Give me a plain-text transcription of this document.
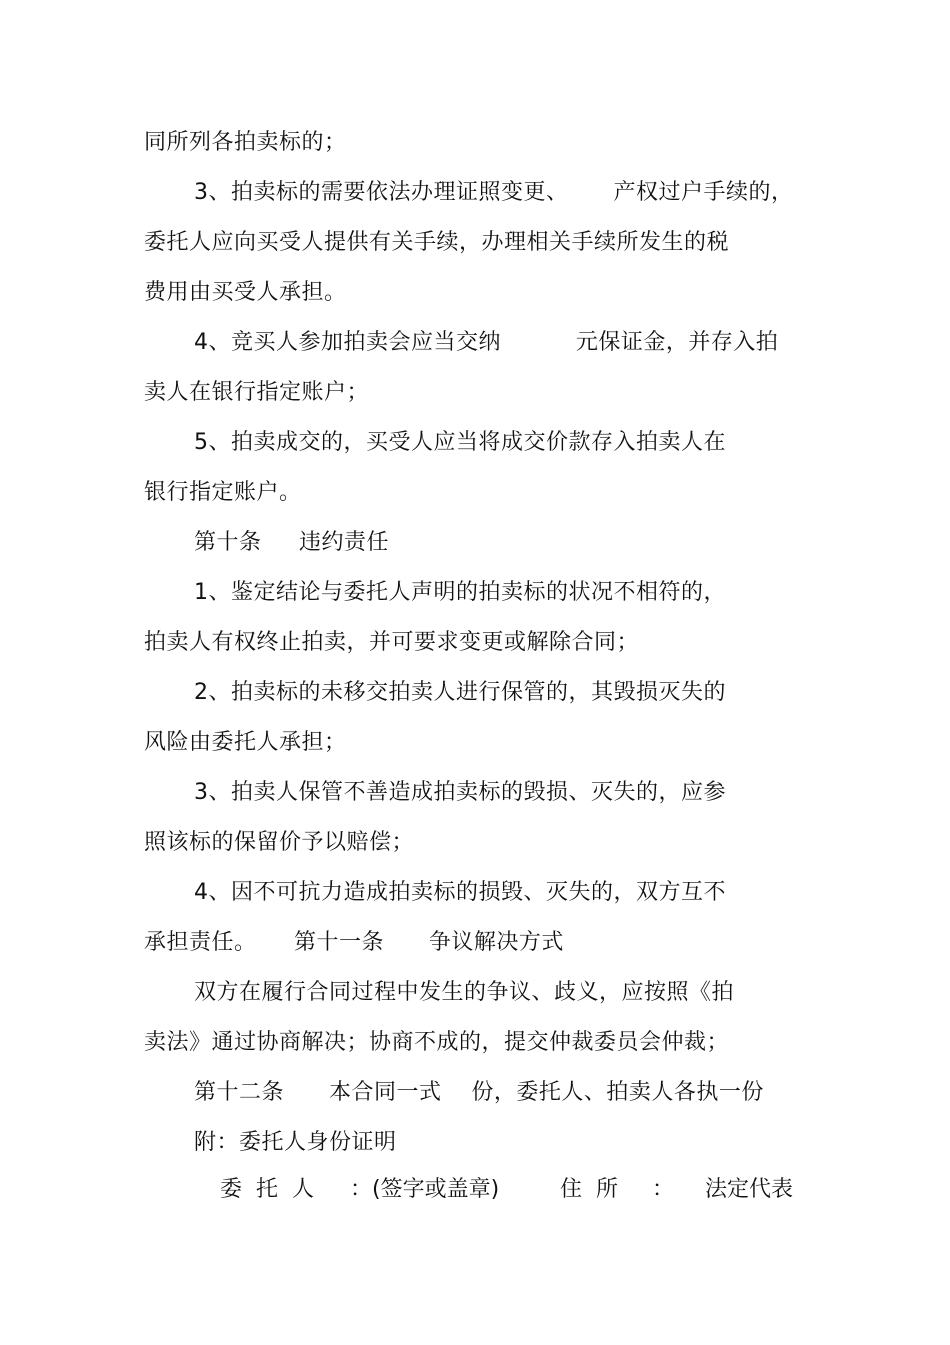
同所列各拍卖标的；
3、拍卖标的需要依法办理证照变更、      产权过户手续的，
委托人应向买受人提供有关手续，办理相关手续所发生的税
费用由买受人承担。
4、竞买人参加拍卖会应当交纳          元保证金，并存入拍
卖人在银行指定账户；
5、拍卖成交的，买受人应当将成交价款存入拍卖人在
银行指定账户。
第十条     违约责任
1、鉴定结论与委托人声明的拍卖标的状况不相符的，
拍卖人有权终止拍卖，并可要求变更或解除合同；
2、拍卖标的未移交拍卖人进行保管的，其毁损灭失的
风险由委托人承担；
3、拍卖人保管不善造成拍卖标的毁损、灭失的，应参
照该标的保留价予以赔偿；
4、因不可抗力造成拍卖标的损毁、灭失的，双方互不
承担责任。     第十一条      争议解决方式
双方在履行合同过程中发生的争议、歧义，应按照《拍
卖法》通过协商解决；协商不成的，提交仲裁委员会仲裁；
第十二条      本合同一式    份，委托人、拍卖人各执一份
附：委托人身份证明
委  托  人 ：(签字或盖章)	住  所 ： 法定代表
